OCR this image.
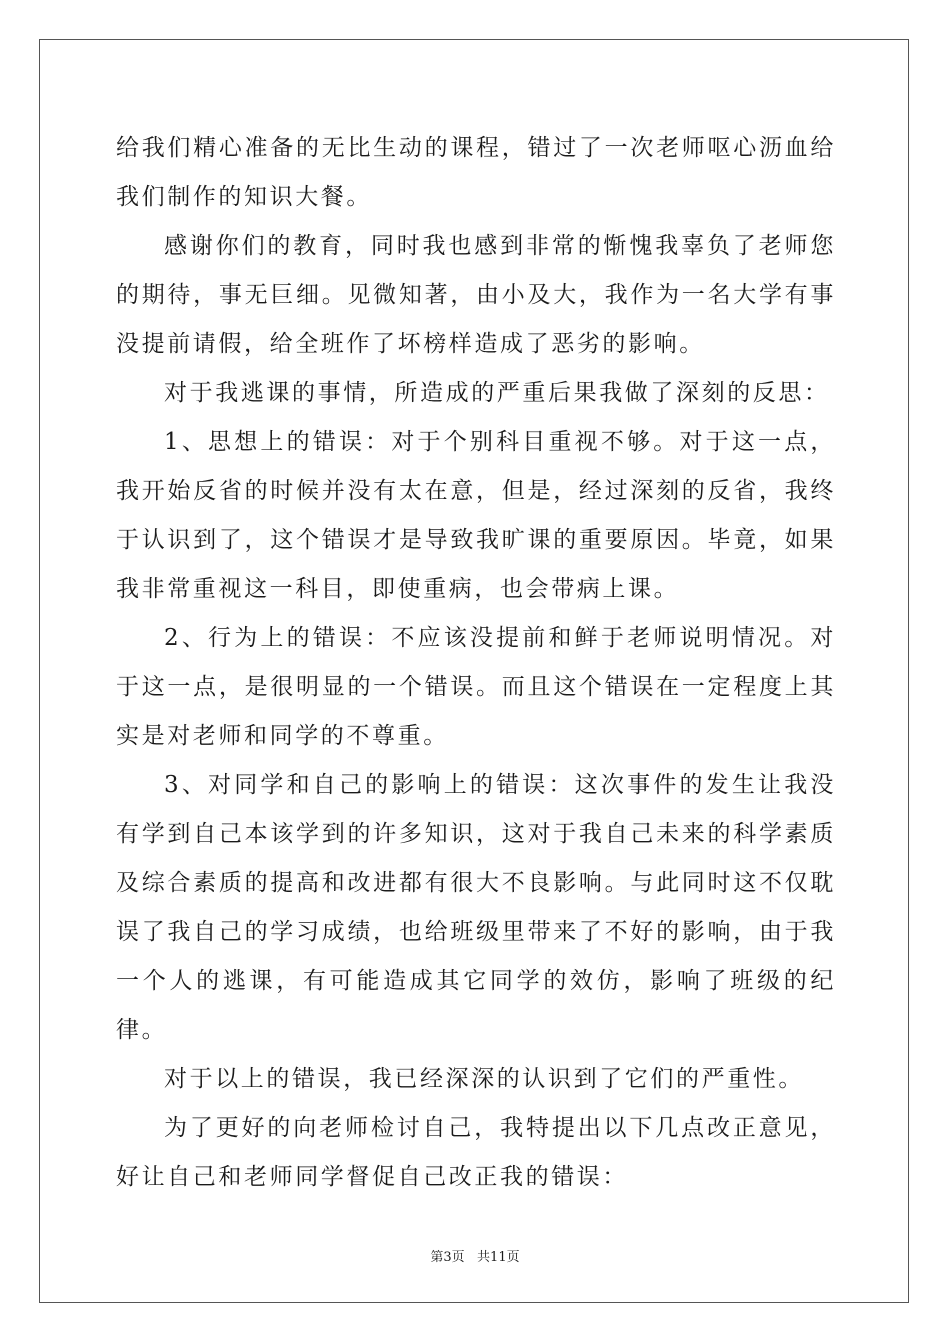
给我们精心准备的无比生动的课程，错过了一次老师呕心沥血给我们制作的知识大餐。

感谢你们的教育，同时我也感到非常的惭愧我辜负了老师您的期待，事无巨细。见微知著，由小及大，我作为一名大学有事没提前请假，给全班作了坏榜样造成了恶劣的影响。

对于我逃课的事情，所造成的严重后果我做了深刻的反思：

1、思想上的错误：对于个别科目重视不够。对于这一点，我开始反省的时候并没有太在意，但是，经过深刻的反省，我终于认识到了，这个错误才是导致我旷课的重要原因。毕竟，如果我非常重视这一科目，即使重病，也会带病上课。

2、行为上的错误：不应该没提前和鲜于老师说明情况。对于这一点，是很明显的一个错误。而且这个错误在一定程度上其实是对老师和同学的不尊重。

3、对同学和自己的影响上的错误：这次事件的发生让我没有学到自己本该学到的许多知识，这对于我自己未来的科学素质及综合素质的提高和改进都有很大不良影响。与此同时这不仅耽误了我自己的学习成绩，也给班级里带来了不好的影响，由于我一个人的逃课，有可能造成其它同学的效仿，影响了班级的纪律。

对于以上的错误，我已经深深的认识到了它们的严重性。

为了更好的向老师检讨自己，我特提出以下几点改正意见，好让自己和老师同学督促自己改正我的错误：

第3页   共11页
